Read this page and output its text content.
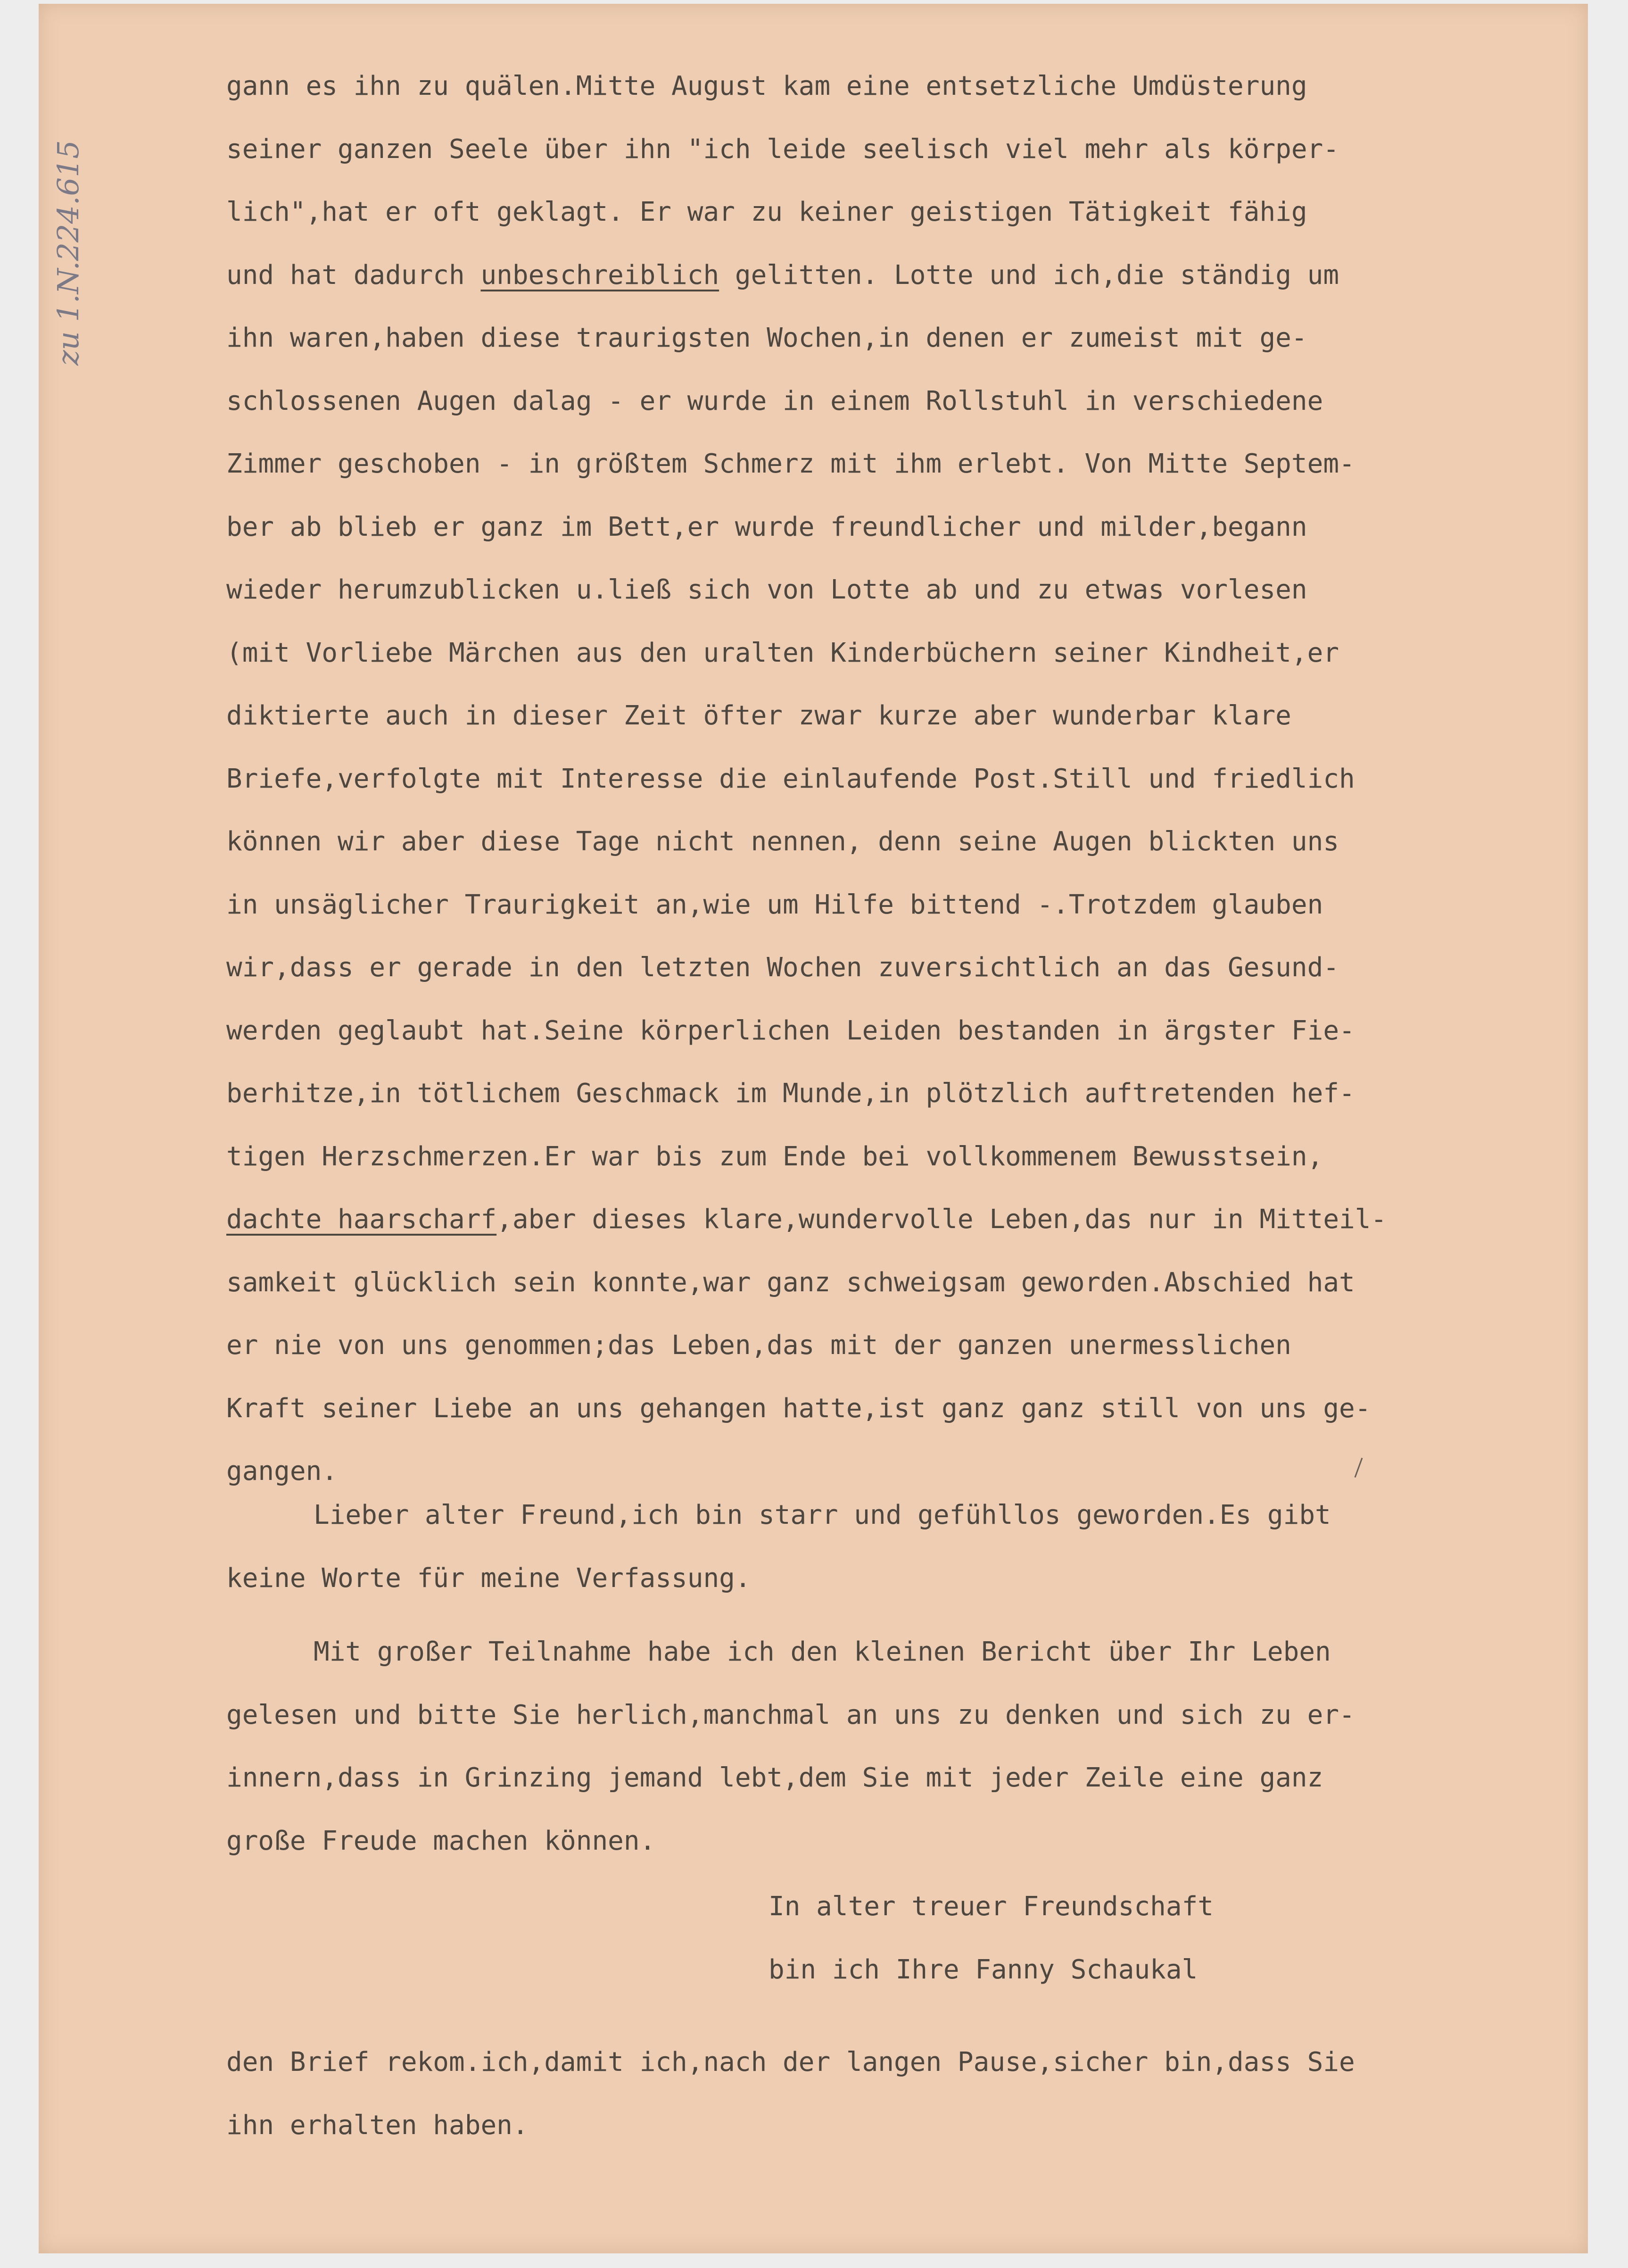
zu 1.N.224.615
gann es ihn zu quälen.Mitte August kam eine entsetzliche Umdüsterung
seiner ganzen Seele über ihn "ich leide seelisch viel mehr als körper-
lich",hat er oft geklagt. Er war zu keiner geistigen Tätigkeit fähig
und hat dadurch unbeschreiblich gelitten. Lotte und ich,die ständig um
ihn waren,haben diese traurigsten Wochen,in denen er zumeist mit ge-
schlossenen Augen dalag - er wurde in einem Rollstuhl in verschiedene
Zimmer geschoben - in größtem Schmerz mit ihm erlebt. Von Mitte Septem-
ber ab blieb er ganz im Bett,er wurde freundlicher und milder,begann
wieder herumzublicken u.ließ sich von Lotte ab und zu etwas vorlesen
(mit Vorliebe Märchen aus den uralten Kinderbüchern seiner Kindheit,er
diktierte auch in dieser Zeit öfter zwar kurze aber wunderbar klare
Briefe,verfolgte mit Interesse die einlaufende Post.Still und friedlich
können wir aber diese Tage nicht nennen, denn seine Augen blickten uns
in unsäglicher Traurigkeit an,wie um Hilfe bittend -.Trotzdem glauben
wir,dass er gerade in den letzten Wochen zuversichtlich an das Gesund-
werden geglaubt hat.Seine körperlichen Leiden bestanden in ärgster Fie-
berhitze,in tötlichem Geschmack im Munde,in plötzlich auftretenden hef-
tigen Herzschmerzen.Er war bis zum Ende bei vollkommenem Bewusstsein,
dachte haarscharf,aber dieses klare,wundervolle Leben,das nur in Mitteil-
samkeit glücklich sein konnte,war ganz schweigsam geworden.Abschied hat
er nie von uns genommen;das Leben,das mit der ganzen unermesslichen
Kraft seiner Liebe an uns gehangen hatte,ist ganz ganz still von uns ge-
gangen.
Lieber alter Freund,ich bin starr und gefühllos geworden.Es gibt
keine Worte für meine Verfassung.
Mit großer Teilnahme habe ich den kleinen Bericht über Ihr Leben
gelesen und bitte Sie herlich,manchmal an uns zu denken und sich zu er-
innern,dass in Grinzing jemand lebt,dem Sie mit jeder Zeile eine ganz
große Freude machen können.
In alter treuer Freundschaft
bin ich Ihre Fanny Schaukal
den Brief rekom.ich,damit ich,nach der langen Pause,sicher bin,dass Sie
ihn erhalten haben.
